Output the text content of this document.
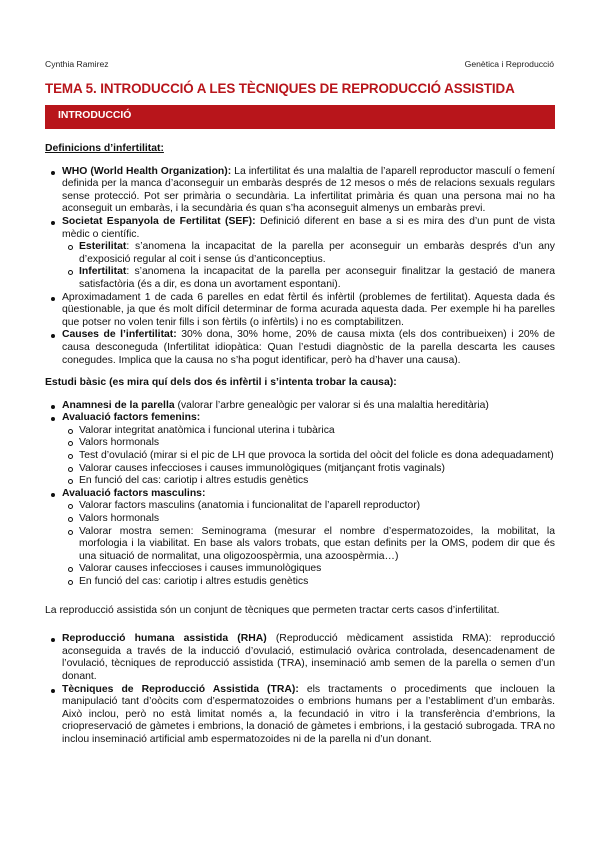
Cynthia Ramirez	Genètica i Reproducció
TEMA 5. INTRODUCCIÓ A LES TÈCNIQUES DE REPRODUCCIÓ ASSISTIDA
INTRODUCCIÓ

Definicions d’infertilitat:

WHO (World Health Organization): La infertilitat és una malaltia de l’aparell reproductor masculí o femení definida per la manca d’aconseguir un embaràs després de 12 mesos o més de relacions sexuals regulars sense protecció. Pot ser primària o secundària. La infertilitat primària és quan una persona mai no ha aconseguit un embaràs, i la secundària és quan s’ha aconseguit almenys un embaràs previ.
Societat Espanyola de Fertilitat (SEF): Definició diferent en base a si es mira des d’un punt de vista mèdic o científic.
Esterilitat: s’anomena la incapacitat de la parella per aconseguir un embaràs després d’un any d’exposició regular al coit i sense ús d’anticonceptius.
Infertilitat: s’anomena la incapacitat de la parella per aconseguir finalitzar la gestació de manera satisfactòria (és a dir, es dona un avortament espontani).
Aproximadament 1 de cada 6 parelles en edat fèrtil és infèrtil (problemes de fertilitat). Aquesta dada és qüestionable, ja que és molt difícil determinar de forma acurada aquesta dada. Per exemple hi ha parelles que potser no volen tenir fills i son fèrtils (o infèrtils) i no es comptabilitzen.
Causes de l’infertilitat: 30% dona, 30% home, 20% de causa mixta (els dos contribueixen) i 20% de causa desconeguda (Infertilitat idiopàtica: Quan l’estudi diagnòstic de la parella descarta les causes conegudes. Implica que la causa no s’ha pogut identificar, però ha d’haver una causa).

Estudi bàsic (es mira quí dels dos és infèrtil i s’intenta trobar la causa):

Anamnesi de la parella (valorar l’arbre genealògic per valorar si és una malaltia hereditària)
Avaluació factors femenins:
Valorar integritat anatòmica i funcional uterina i tubàrica
Valors hormonals
Test d’ovulació (mirar si el pic de LH que provoca la sortida del oòcit del folicle es dona adequadament)
Valorar causes infeccioses i causes immunològiques (mitjançant frotis vaginals)
En funció del cas: cariotip i altres estudis genètics
Avaluació factors masculins:
Valorar factors masculins (anatomia i funcionalitat de l’aparell reproductor)
Valors hormonals
Valorar mostra semen: Seminograma (mesurar el nombre d’espermatozoides, la mobilitat, la morfologia i la viabilitat. En base als valors trobats, que estan definits per la OMS, podem dir que és una situació de normalitat, una oligozoospèrmia, una azoospèrmia…)
Valorar causes infeccioses i causes immunològiques
En funció del cas: cariotip i altres estudis genètics

La reproducció assistida són un conjunt de tècniques que permeten tractar certs casos d’infertilitat.

Reproducció humana assistida (RHA) (Reproducció mèdicament assistida RMA): reproducció aconseguida a través de la inducció d’ovulació, estimulació ovàrica controlada, desencadenament de l’ovulació, tècniques de reproducció assistida (TRA), inseminació amb semen de la parella o semen d’un donant.
Tècniques de Reproducció Assistida (TRA): els tractaments o procediments que inclouen la manipulació tant d’oòcits com d’espermatozoides o embrions humans per a l’establiment d’un embaràs. Això inclou, però no està limitat només a, la fecundació in vitro i la transferència d’embrions, la criopreservació de gàmetes i embrions, la donació de gàmetes i embrions, i la gestació subrogada. TRA no inclou inseminació artificial amb espermatozoides ni de la parella ni d’un donant.
